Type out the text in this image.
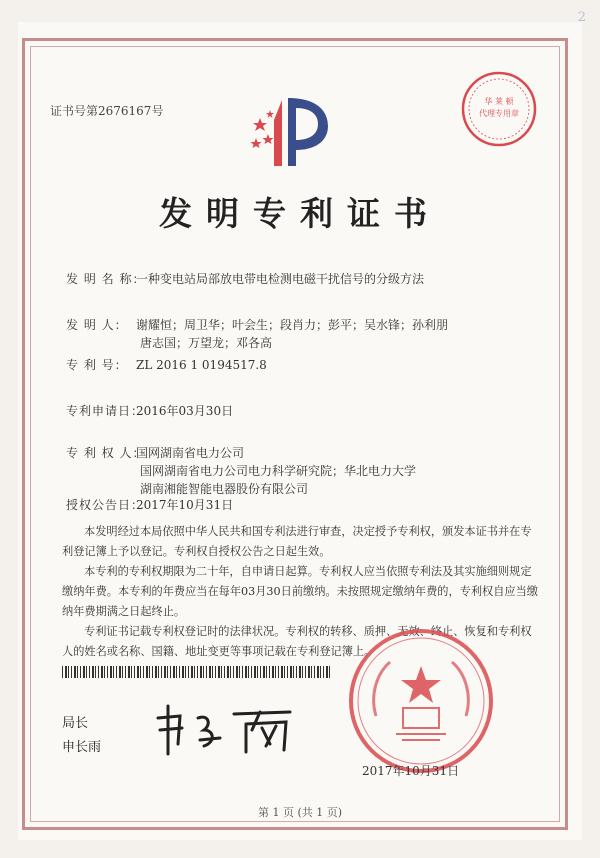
2
证书号第2676167号
华 莱 顿
代理专用章
发明专利证书
发 明 名 称：一种变电站局部放电带电检测电磁干扰信号的分级方法
发 明 人： 谢耀恒；周卫华；叶会生；段肖力；彭平；吴水锋；孙利朋
唐志国；万望龙；邓各高
专 利 号： ZL 2016 1 0194517.8
专利申请日：2016年03月30日
专 利 权 人：国网湖南省电力公司
国网湖南省电力公司电力科学研究院；华北电力大学
湖南湘能智能电器股份有限公司
授权公告日：2017年10月31日

本发明经过本局依照中华人民共和国专利法进行审查，决定授予专利权，颁发本证书并在专利登记簿上予以登记。专利权自授权公告之日起生效。

本专利的专利权期限为二十年，自申请日起算。专利权人应当依照专利法及其实施细则规定缴纳年费。本专利的年费应当在每年03月30日前缴纳。未按照规定缴纳年费的，专利权自应当缴纳年费期满之日起终止。

专利证书记载专利权登记时的法律状况。专利权的转移、质押、无效、终止、恢复和专利权人的姓名或名称、国籍、地址变更等事项记载在专利登记簿上。

局长
申长雨
2017年10月31日
第 1 页 (共 1 页)
